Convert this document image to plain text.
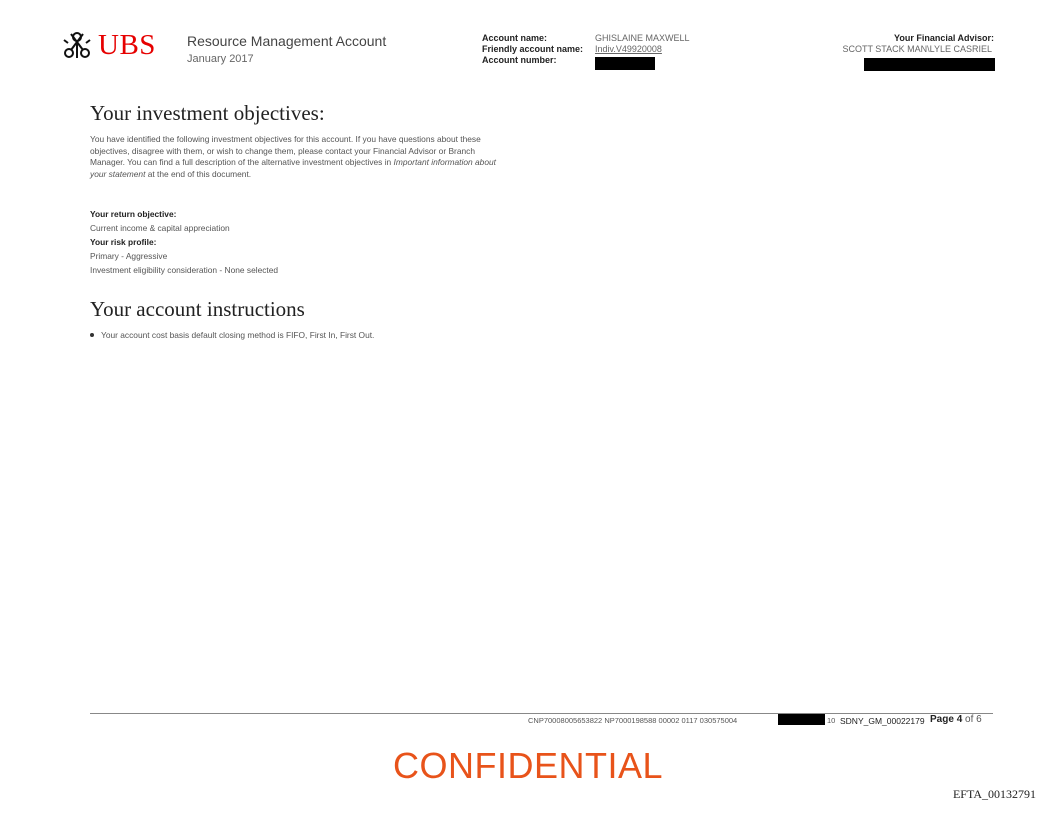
UBS Resource Management Account
January 2017
Account name:
Friendly account name:
Account number:
GHISLAINE MAXWELL
Indiv.V49920008
Your Financial Advisor:
SCOTT STACK MAN\LYLE CASRIEL
Your investment objectives:
You have identified the following investment objectives for this account. If you have questions about these objectives, disagree with them, or wish to change them, please contact your Financial Advisor or Branch Manager. You can find a full description of the alternative investment objectives in Important information about your statement at the end of this document.
Your return objective:
Current income & capital appreciation
Your risk profile:
Primary - Aggressive
Investment eligibility consideration - None selected
Your account instructions
Your account cost basis default closing method is FIFO, First In, First Out.
CNP70008005653822 NP7000198588 00002 0117 030575004	10 SDNY_GM_00022179 Page 4 of 6
CONFIDENTIAL
EFTA_00132791
